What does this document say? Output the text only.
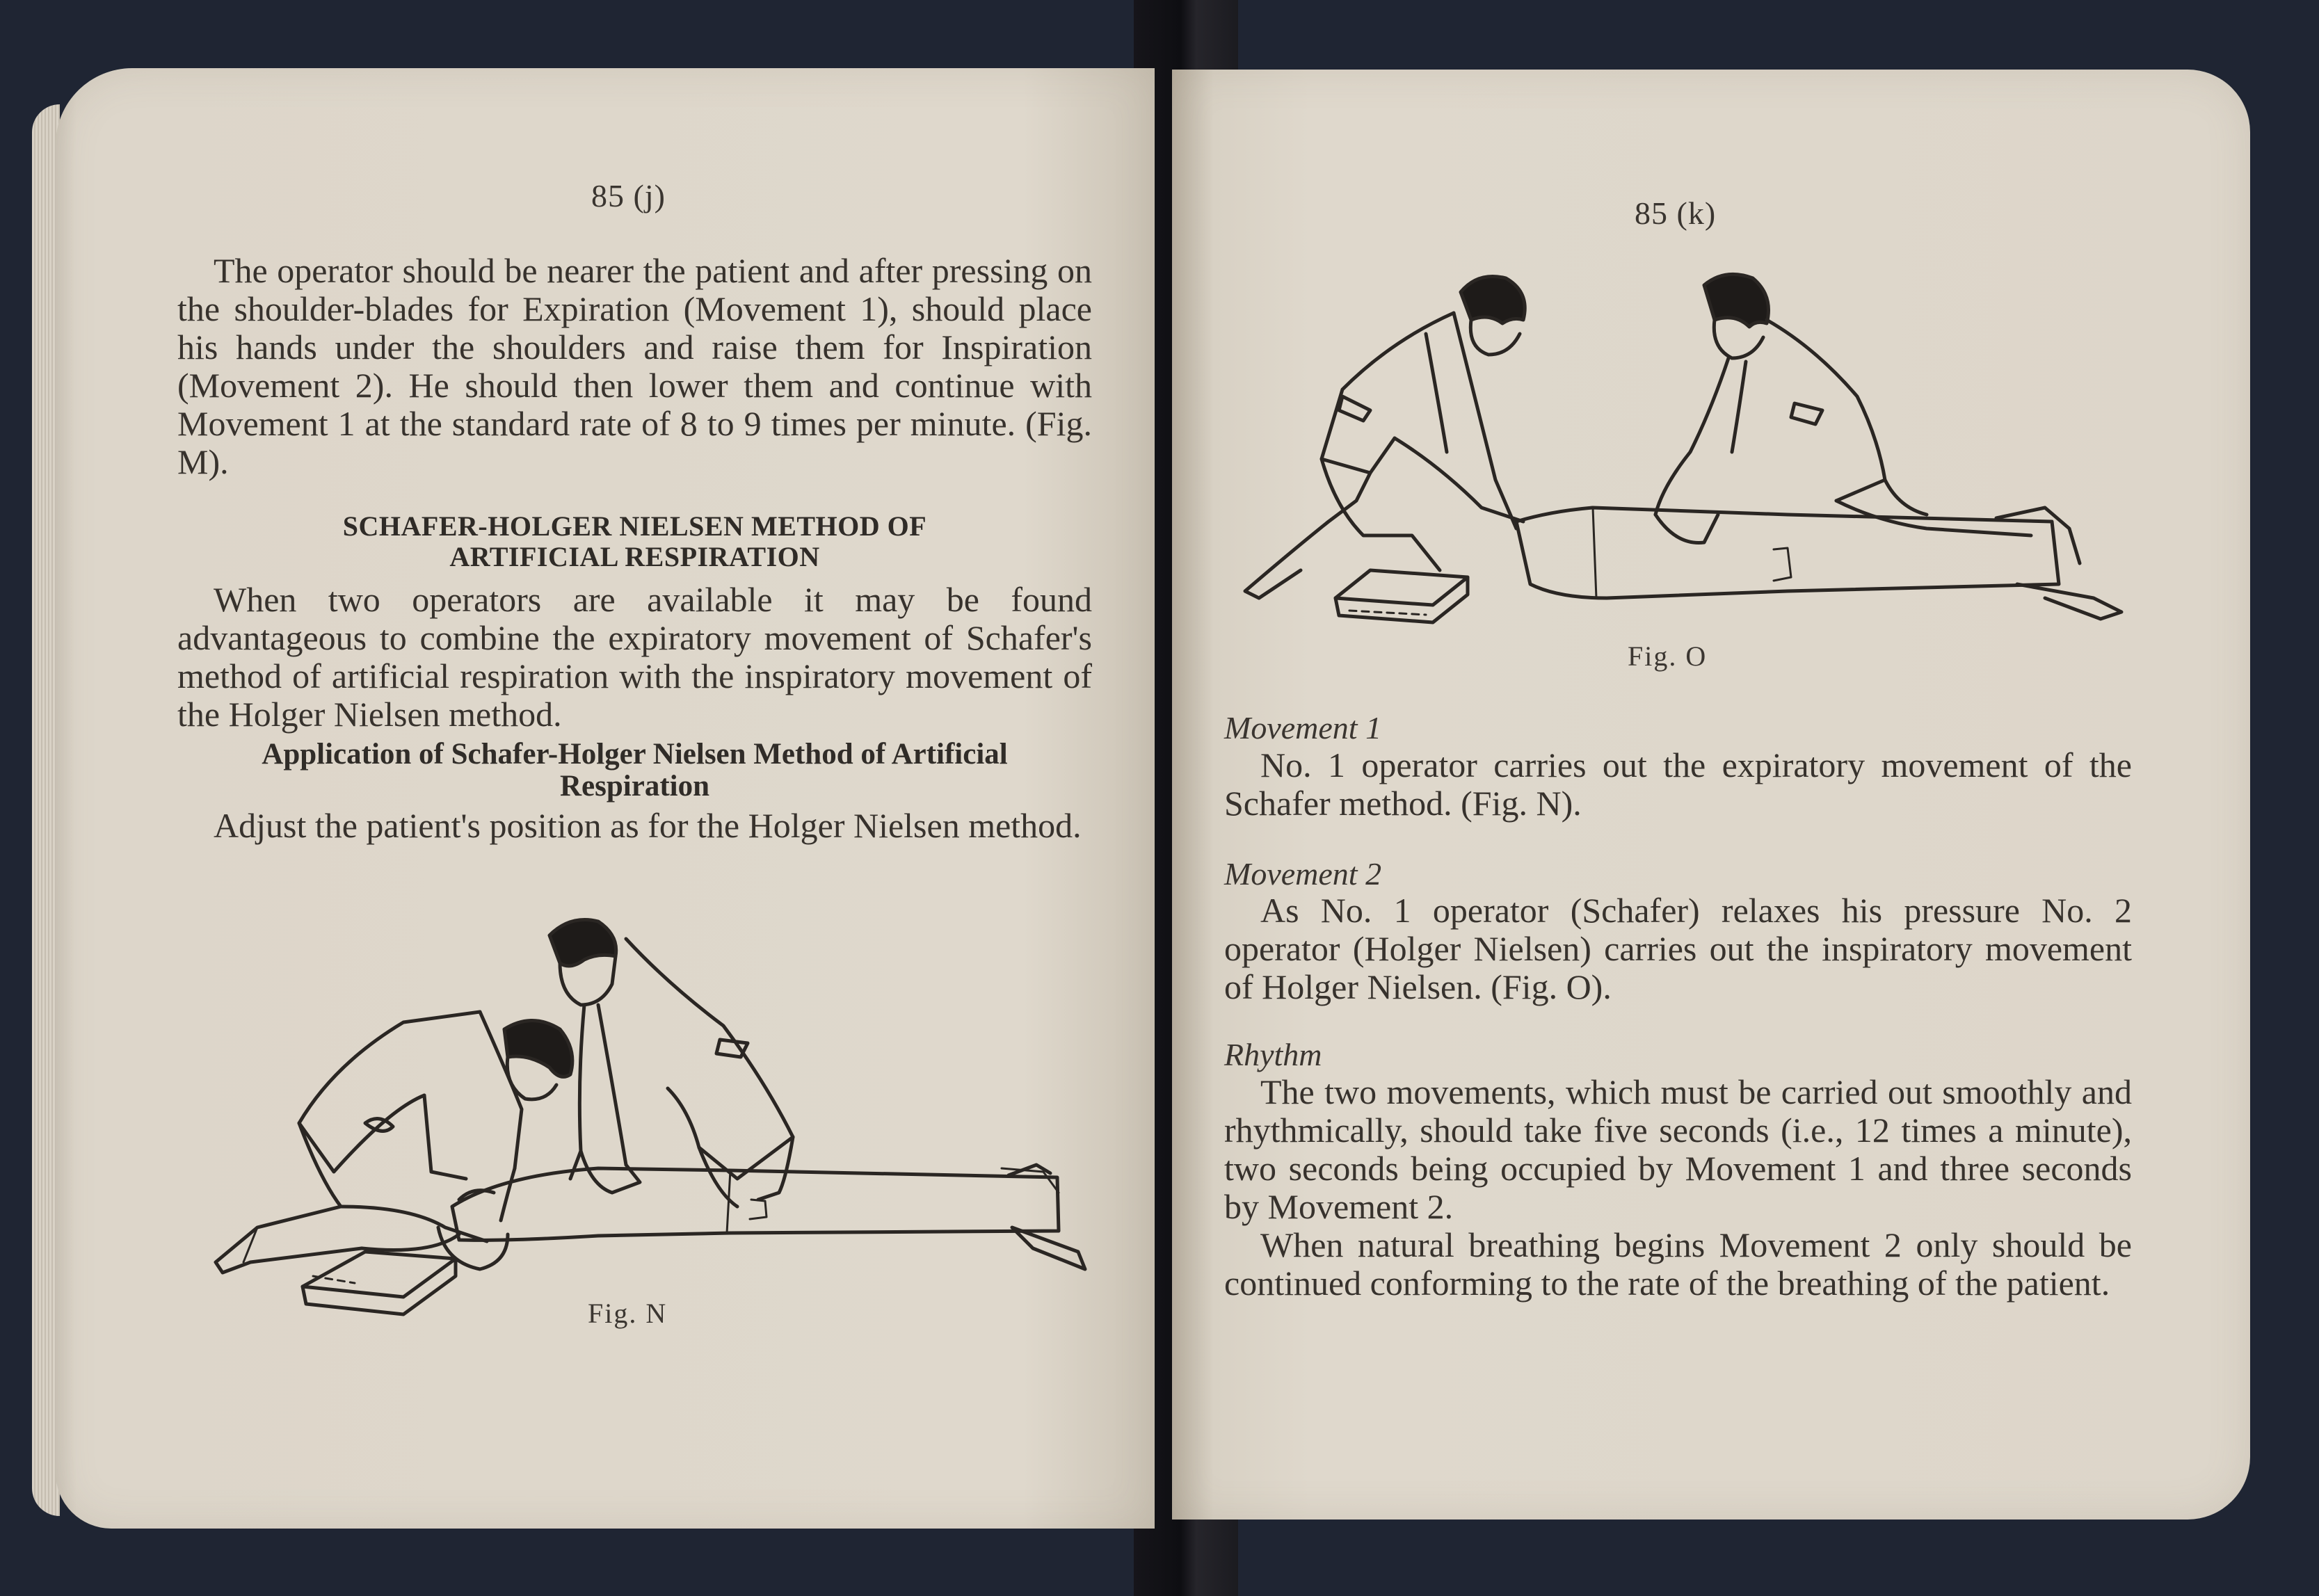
85 (j)

The operator should be nearer the patient and after pressing on the shoulder-blades for Expiration (Movement 1), should place his hands under the shoulders and raise them for Inspiration (Movement 2). He should then lower them and continue with Movement 1 at the standard rate of 8 to 9 times per minute. (Fig. M).

SCHAFER-HOLGER NIELSEN METHOD OF
ARTIFICIAL RESPIRATION

When two operators are available it may be found advantageous to combine the expiratory movement of Schafer's method of artificial respiration with the inspiratory movement of the Holger Nielsen method.

Application of Schafer-Holger Nielsen Method of Artificial
Respiration

Adjust the patient's position as for the Holger Nielsen method.

Fig. N
85 (k)
Fig. O
Movement 1

No. 1 operator carries out the expiratory movement of the Schafer method. (Fig. N).

Movement 2

As No. 1 operator (Schafer) relaxes his pressure No. 2 operator (Holger Nielsen) carries out the inspiratory movement of Holger Nielsen. (Fig. O).

Rhythm

The two movements, which must be carried out smoothly and rhythmically, should take five seconds (i.e., 12 times a minute), two seconds being occupied by Movement 1 and three seconds by Movement 2.

When natural breathing begins Movement 2 only should be continued conforming to the rate of the breathing of the patient.
